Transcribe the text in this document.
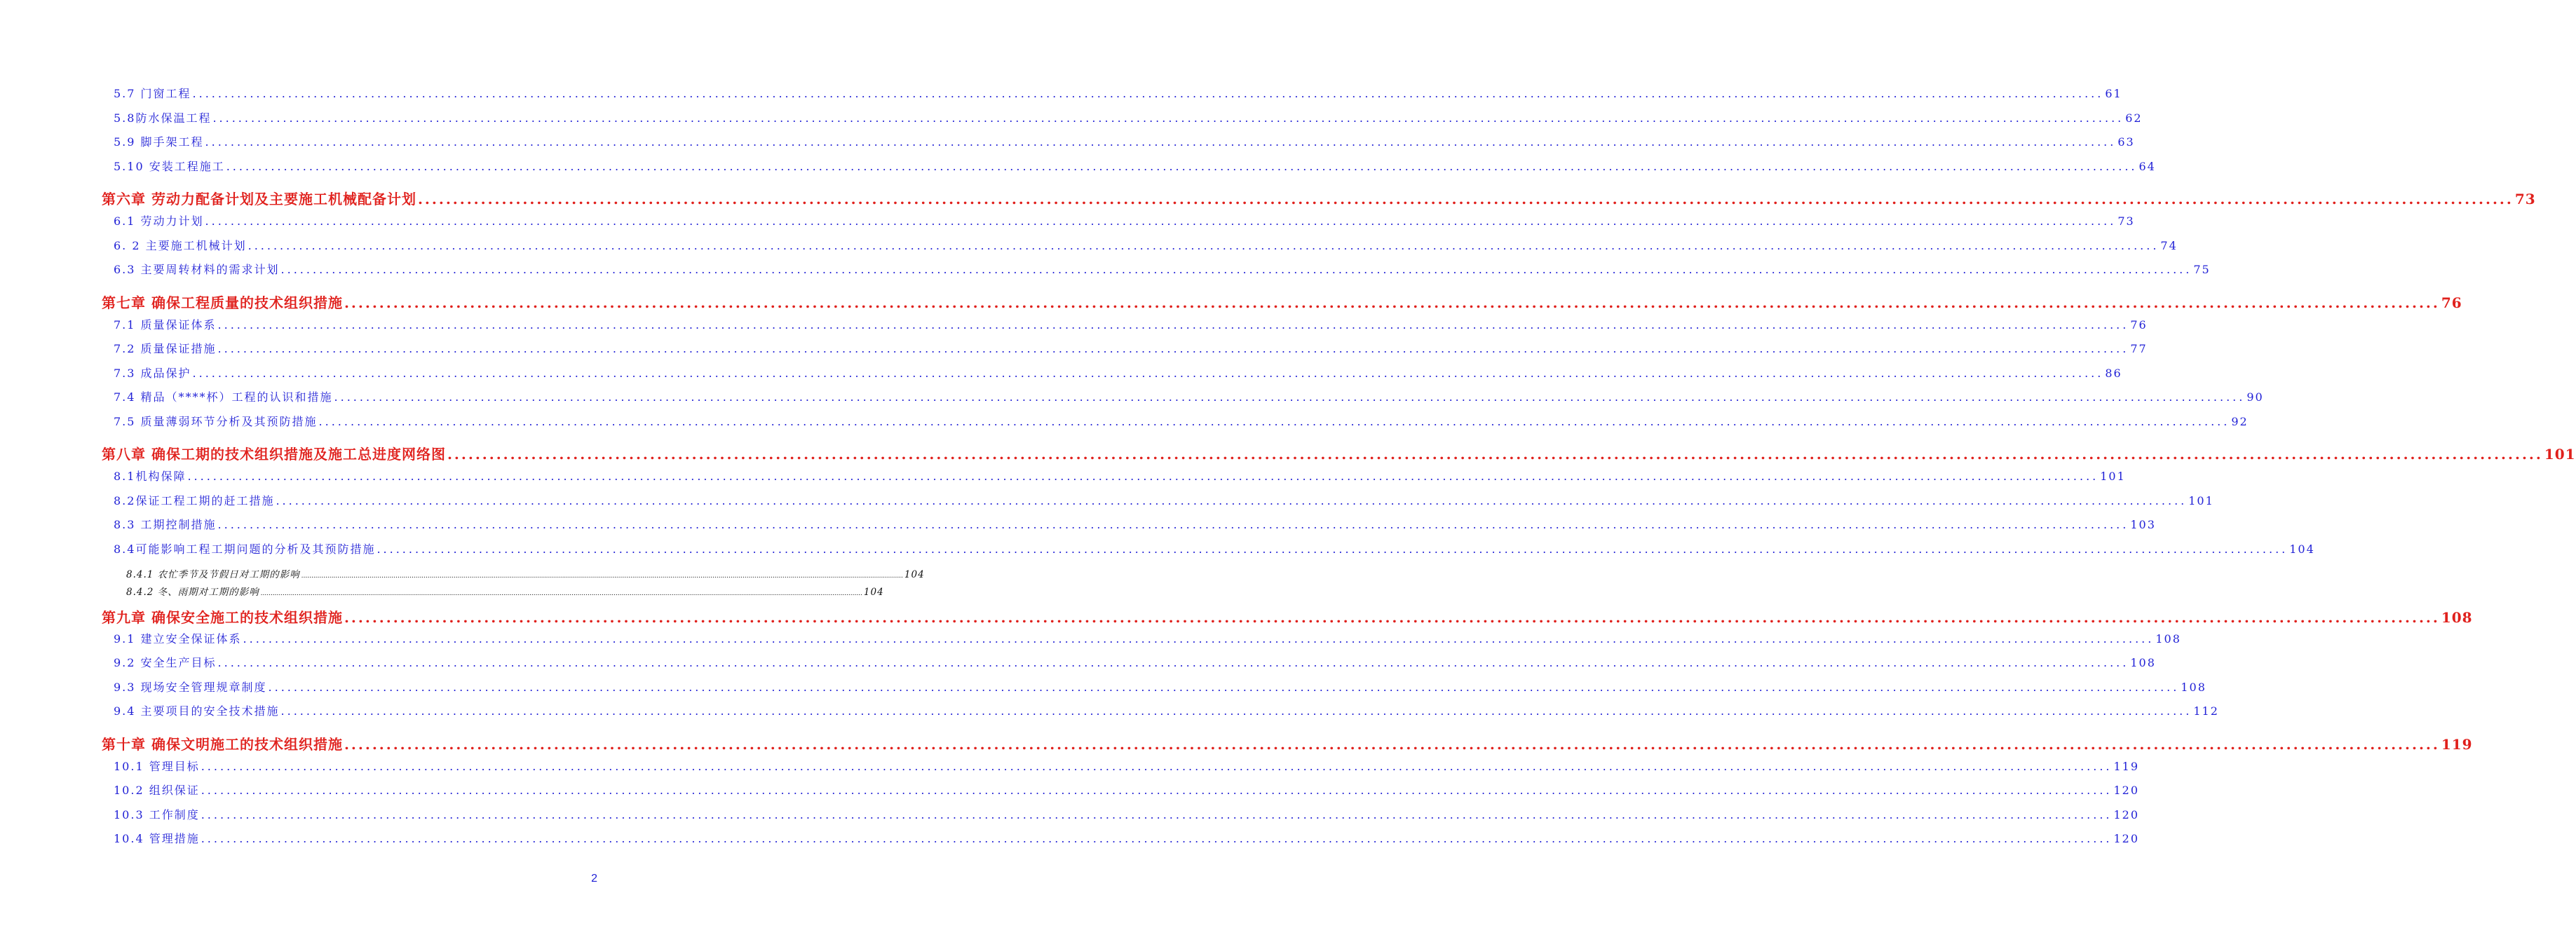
5.7 门窗工程 ............................................................................................................................................................................................................................................................................................................ 61
5.8防水保温工程 ............................................................................................................................................................................................................................................................................................................ 62
5.9 脚手架工程 ............................................................................................................................................................................................................................................................................................................ 63
5.10 安装工程施工 ............................................................................................................................................................................................................................................................................................................ 64
第六章 劳动力配备计划及主要施工机械配备计划 ............................................................................................................................................................................................................................................................................................................ 73
6.1 劳动力计划 ............................................................................................................................................................................................................................................................................................................ 73
6. 2 主要施工机械计划 ............................................................................................................................................................................................................................................................................................................ 74
6.3 主要周转材料的需求计划 ............................................................................................................................................................................................................................................................................................................ 75
第七章 确保工程质量的技术组织措施 ............................................................................................................................................................................................................................................................................................................ 76
7.1 质量保证体系 ............................................................................................................................................................................................................................................................................................................ 76
7.2 质量保证措施 ............................................................................................................................................................................................................................................................................................................ 77
7.3 成品保护 ............................................................................................................................................................................................................................................................................................................ 86
7.4 精品（****杯）工程的认识和措施 ............................................................................................................................................................................................................................................................................................................ 90
7.5 质量薄弱环节分析及其预防措施 ............................................................................................................................................................................................................................................................................................................ 92
第八章 确保工期的技术组织措施及施工总进度网络图 ............................................................................................................................................................................................................................................................................................................ 101
8.1机构保障 ............................................................................................................................................................................................................................................................................................................ 101
8.2保证工程工期的赶工措施 ............................................................................................................................................................................................................................................................................................................ 101
8.3 工期控制措施 ............................................................................................................................................................................................................................................................................................................ 103
8.4可能影响工程工期问题的分析及其预防措施 ............................................................................................................................................................................................................................................................................................................ 104
8.4.1 农忙季节及节假日对工期的影响 ............................................................................................................................................................................................................................................................................................................ 104
8.4.2 冬、雨期对工期的影响 ............................................................................................................................................................................................................................................................................................................ 104
第九章 确保安全施工的技术组织措施 ............................................................................................................................................................................................................................................................................................................ 108
9.1 建立安全保证体系 ............................................................................................................................................................................................................................................................................................................ 108
9.2 安全生产目标 ............................................................................................................................................................................................................................................................................................................ 108
9.3 现场安全管理规章制度 ............................................................................................................................................................................................................................................................................................................ 108
9.4 主要项目的安全技术措施 ............................................................................................................................................................................................................................................................................................................ 112
第十章 确保文明施工的技术组织措施 ............................................................................................................................................................................................................................................................................................................ 119
10.1 管理目标 ............................................................................................................................................................................................................................................................................................................ 119
10.2 组织保证 ............................................................................................................................................................................................................................................................................................................ 120
10.3 工作制度 ............................................................................................................................................................................................................................................................................................................ 120
10.4 管理措施 ............................................................................................................................................................................................................................................................................................................ 120
2
